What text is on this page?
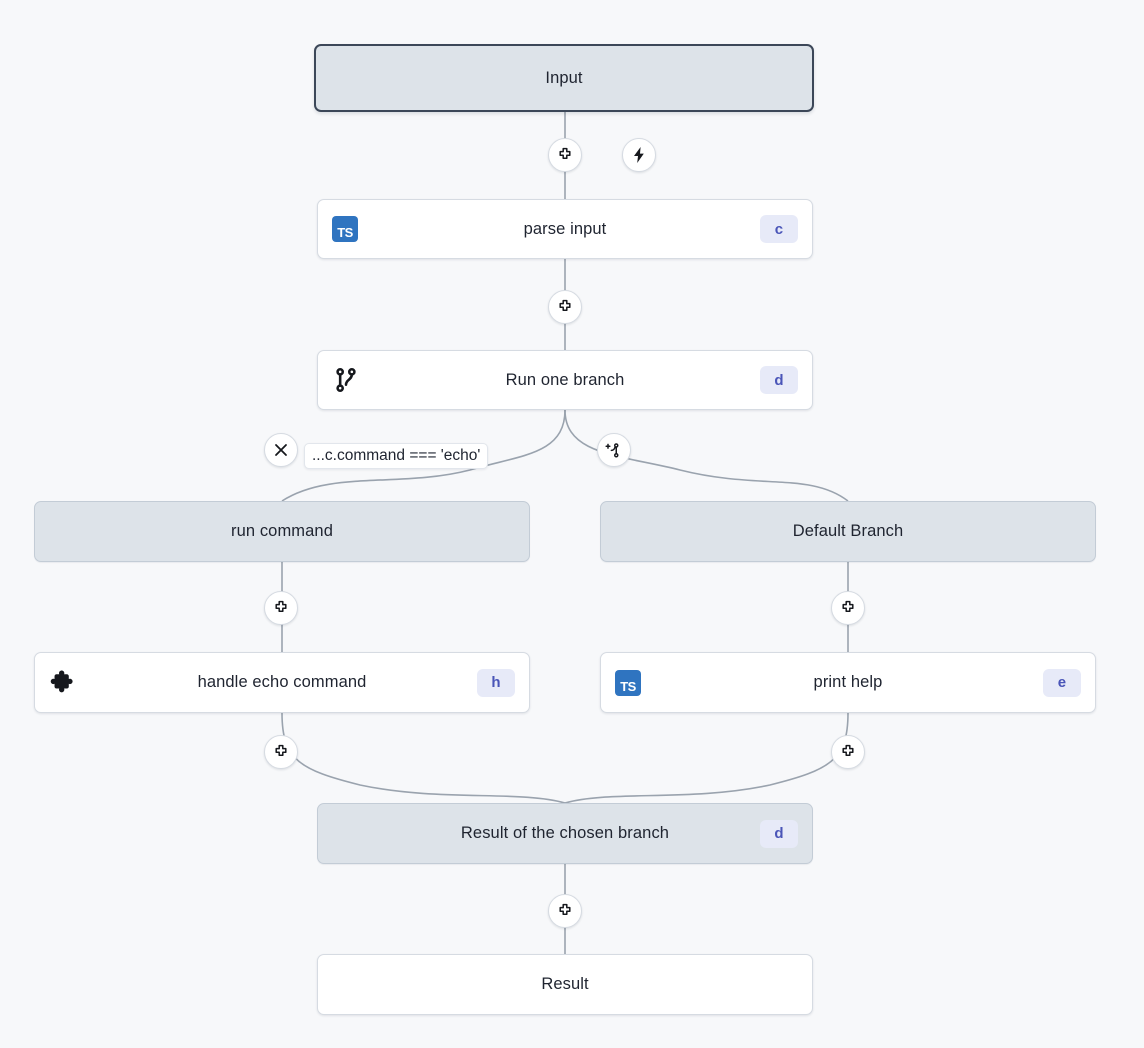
Input
TS	parse input	c
Run one branch	d
run command	Default Branch
handle echo command	h	TS	print help	e
Result of the chosen branch	d
Result
...c.command === 'echo'
